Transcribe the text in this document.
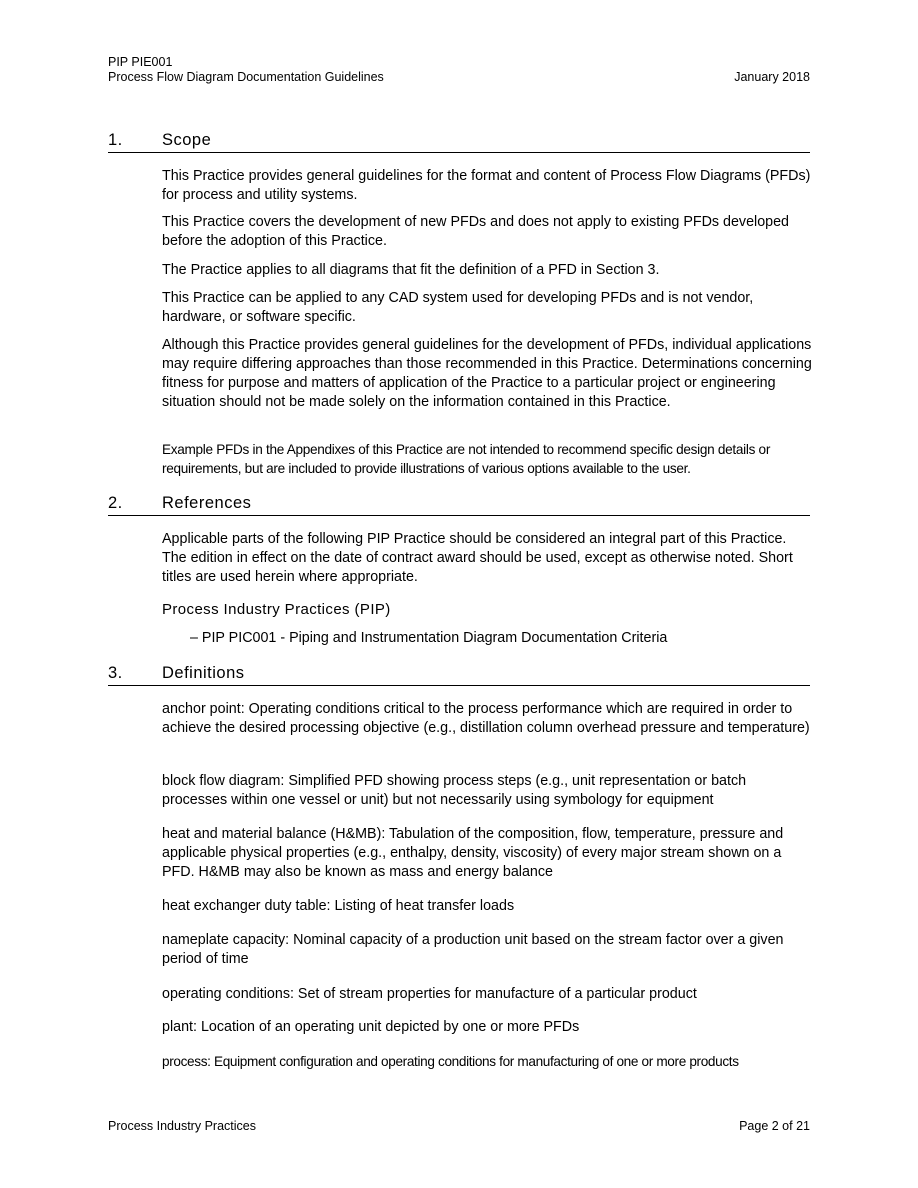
PIP PIE001
Process Flow Diagram Documentation Guidelines	January 2018
1. Scope
This Practice provides general guidelines for the format and content of Process Flow Diagrams (PFDs) for process and utility systems.
This Practice covers the development of new PFDs and does not apply to existing PFDs developed before the adoption of this Practice.
The Practice applies to all diagrams that fit the definition of a PFD in Section 3.
This Practice can be applied to any CAD system used for developing PFDs and is not vendor, hardware, or software specific.
Although this Practice provides general guidelines for the development of PFDs, individual applications may require differing approaches than those recommended in this Practice. Determinations concerning fitness for purpose and matters of application of the Practice to a particular project or engineering situation should not be made solely on the information contained in this Practice.
Example PFDs in the Appendixes of this Practice are not intended to recommend specific design details or requirements, but are included to provide illustrations of various options available to the user.
2. References
Applicable parts of the following PIP Practice should be considered an integral part of this Practice. The edition in effect on the date of contract award should be used, except as otherwise noted. Short titles are used herein where appropriate.
Process Industry Practices (PIP)
– PIP PIC001 - Piping and Instrumentation Diagram Documentation Criteria
3. Definitions
anchor point: Operating conditions critical to the process performance which are required in order to achieve the desired processing objective (e.g., distillation column overhead pressure and temperature)
block flow diagram: Simplified PFD showing process steps (e.g., unit representation or batch processes within one vessel or unit) but not necessarily using symbology for equipment
heat and material balance (H&MB): Tabulation of the composition, flow, temperature, pressure and applicable physical properties (e.g., enthalpy, density, viscosity) of every major stream shown on a PFD. H&MB may also be known as mass and energy balance
heat exchanger duty table: Listing of heat transfer loads
nameplate capacity: Nominal capacity of a production unit based on the stream factor over a given period of time
operating conditions: Set of stream properties for manufacture of a particular product
plant: Location of an operating unit depicted by one or more PFDs
process: Equipment configuration and operating conditions for manufacturing of one or more products
Process Industry Practices	Page 2 of 21
